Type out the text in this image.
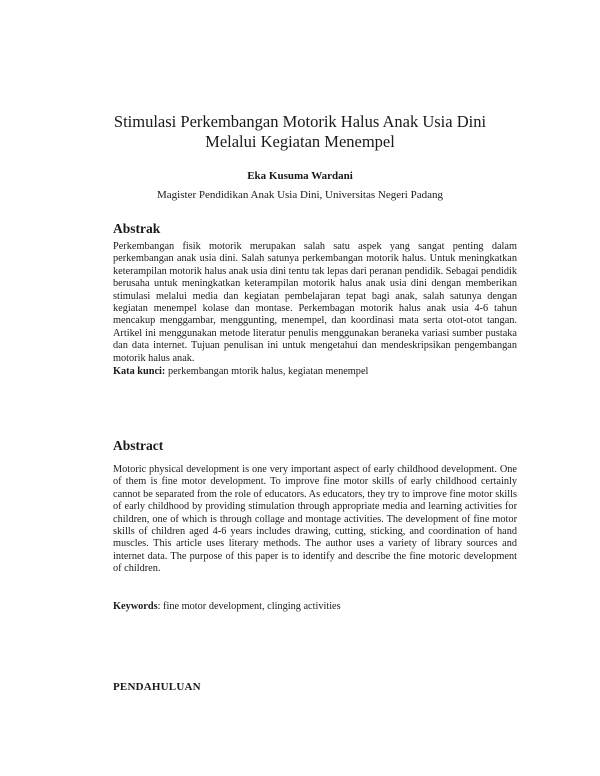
Stimulasi Perkembangan Motorik Halus Anak Usia Dini Melalui Kegiatan Menempel
Eka Kusuma Wardani
Magister Pendidikan Anak Usia Dini, Universitas Negeri Padang
Abstrak

Perkembangan fisik motorik merupakan salah satu aspek yang sangat penting dalam perkembangan anak usia dini. Salah satunya perkembangan motorik halus. Untuk meningkatkan keterampilan motorik halus anak usia dini tentu tak lepas dari peranan pendidik. Sebagai pendidik berusaha untuk meningkatkan keterampilan motorik halus anak usia dini dengan memberikan stimulasi melalui media dan kegiatan pembelajaran tepat bagi anak, salah satunya dengan kegiatan menempel kolase dan montase. Perkembagan motorik halus anak usia 4-6 tahun mencakup menggambar, menggunting, menempel, dan koordinasi mata serta otot-otot tangan. Artikel ini menggunakan metode literatur penulis menggunakan beraneka variasi sumber pustaka dan data internet. Tujuan penulisan ini untuk mengetahui dan mendeskripsikan pengembangan motorik halus anak.

Kata kunci: perkembangan mtorik halus, kegiatan menempel

Abstract

Motoric physical development is one very important aspect of early childhood development. One of them is fine motor development. To improve fine motor skills of early childhood certainly cannot be separated from the role of educators. As educators, they try to improve fine motor skills of early childhood by providing stimulation through appropriate media and learning activities for children, one of which is through collage and montage activities. The development of fine motor skills of children aged 4-6 years includes drawing, cutting, sticking, and coordination of hand muscles. This article uses literary methods. The author uses a variety of library sources and internet data. The purpose of this paper is to identify and describe the fine motoric development of children.

Keywords: fine motor development, clinging activities

PENDAHULUAN
